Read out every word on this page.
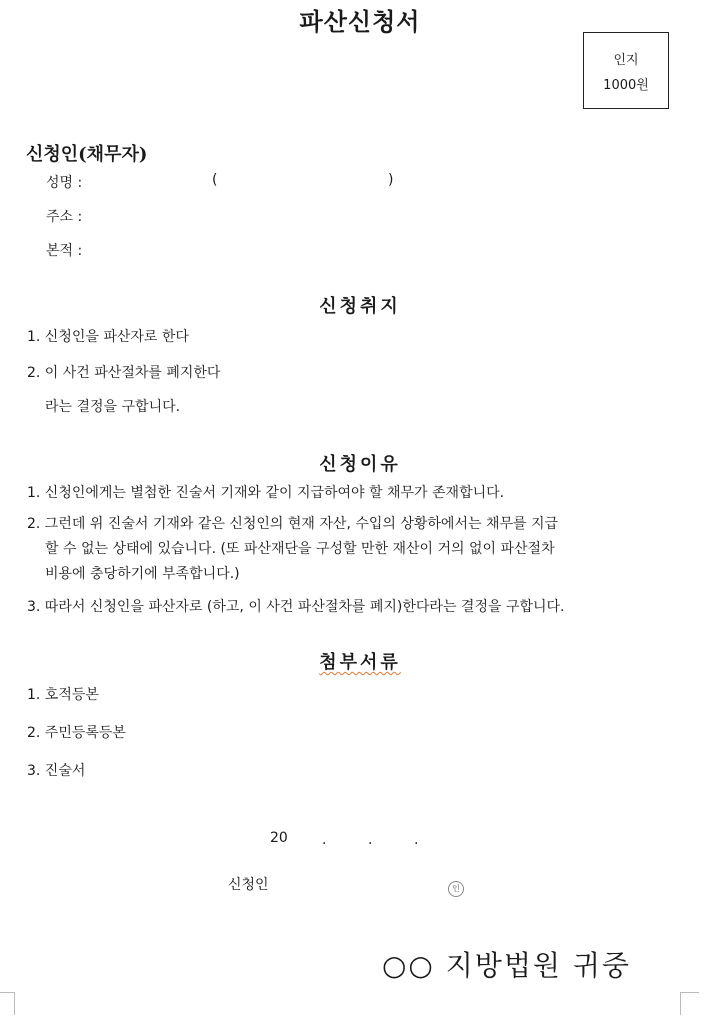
파산신청서
인지
1000원
신청인(채무자)
성명 :	(	)
주소 :
본적 :
신청취지
1. 신청인을 파산자로 한다
2. 이 사건 파산절차를 폐지한다
라는 결정을 구합니다.
신청이유
1. 신청인에게는 별첨한 진술서 기재와 같이 지급하여야 할 채무가 존재합니다.
2. 그런데 위 진술서 기재와 같은 신청인의 현재 자산, 수입의 상황하에서는 채무를 지급
할 수 없는 상태에 있습니다. (또 파산재단을 구성할 만한 재산이 거의 없이 파산절차
비용에 충당하기에 부족합니다.)
3. 따라서 신청인을 파산자로 (하고, 이 사건 파산절차를 폐지)한다라는 결정을 구합니다.
첨부서류
1. 호적등본
2. 주민등록등본
3. 진술서
20 .	.	.
신청인	인
○○ 지방법원 귀중
